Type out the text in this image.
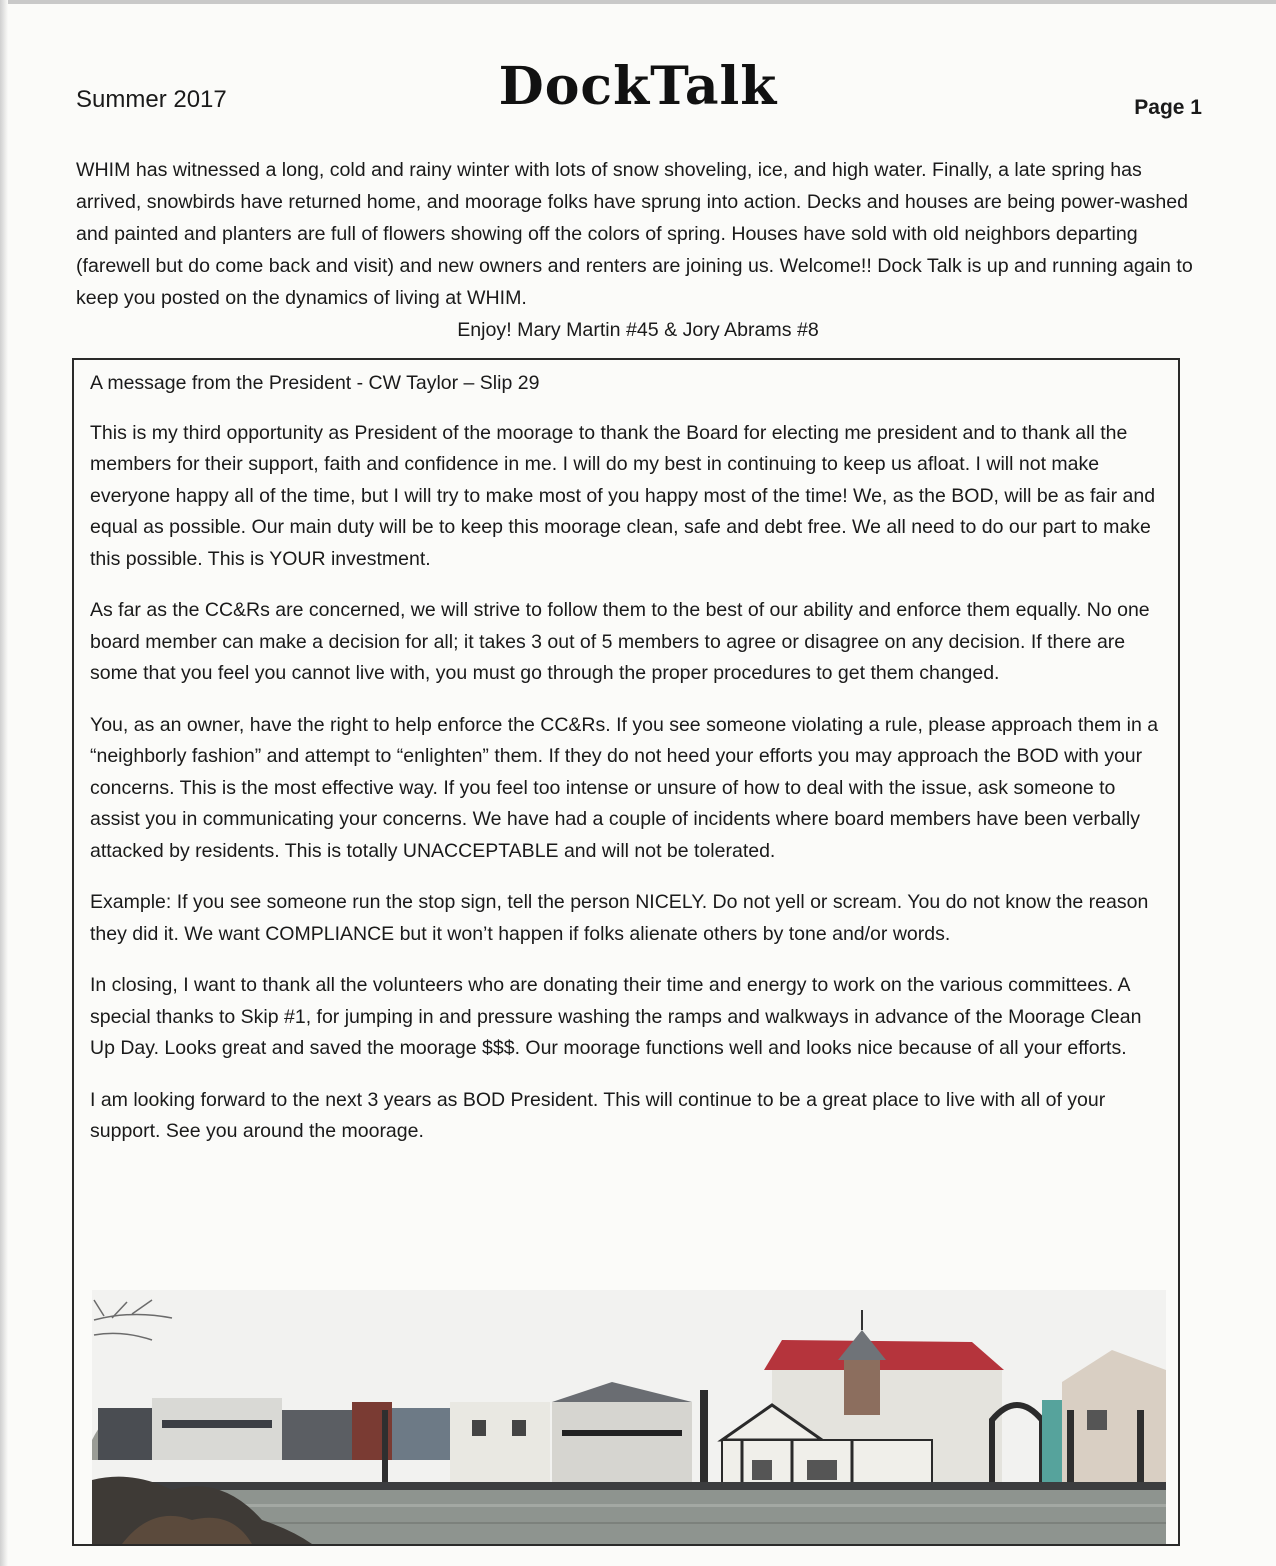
Summer 2017	DockTalk	Page 1
WHIM has witnessed a long, cold and rainy winter with lots of snow shoveling, ice, and high water. Finally, a late spring has arrived, snowbirds have returned home, and moorage folks have sprung into action. Decks and houses are being power-washed and painted and planters are full of flowers showing off the colors of spring. Houses have sold with old neighbors departing (farewell but do come back and visit) and new owners and renters are joining us. Welcome!! Dock Talk is up and running again to keep you posted on the dynamics of living at WHIM.
Enjoy! Mary Martin #45 & Jory Abrams #8
A message from the President - CW Taylor – Slip 29

This is my third opportunity as President of the moorage to thank the Board for electing me president and to thank all the members for their support, faith and confidence in me. I will do my best in continuing to keep us afloat. I will not make everyone happy all of the time, but I will try to make most of you happy most of the time! We, as the BOD, will be as fair and equal as possible. Our main duty will be to keep this moorage clean, safe and debt free. We all need to do our part to make this possible. This is YOUR investment.

As far as the CC&Rs are concerned, we will strive to follow them to the best of our ability and enforce them equally. No one board member can make a decision for all; it takes 3 out of 5 members to agree or disagree on any decision. If there are some that you feel you cannot live with, you must go through the proper procedures to get them changed.

You, as an owner, have the right to help enforce the CC&Rs. If you see someone violating a rule, please approach them in a “neighborly fashion” and attempt to “enlighten” them. If they do not heed your efforts you may approach the BOD with your concerns. This is the most effective way. If you feel too intense or unsure of how to deal with the issue, ask someone to assist you in communicating your concerns. We have had a couple of incidents where board members have been verbally attacked by residents. This is totally UNACCEPTABLE and will not be tolerated.

Example: If you see someone run the stop sign, tell the person NICELY. Do not yell or scream. You do not know the reason they did it. We want COMPLIANCE but it won’t happen if folks alienate others by tone and/or words.

In closing, I want to thank all the volunteers who are donating their time and energy to work on the various committees. A special thanks to Skip #1, for jumping in and pressure washing the ramps and walkways in advance of the Moorage Clean Up Day. Looks great and saved the moorage $$$. Our moorage functions well and looks nice because of all your efforts.

I am looking forward to the next 3 years as BOD President. This will continue to be a great place to live with all of your support. See you around the moorage.
